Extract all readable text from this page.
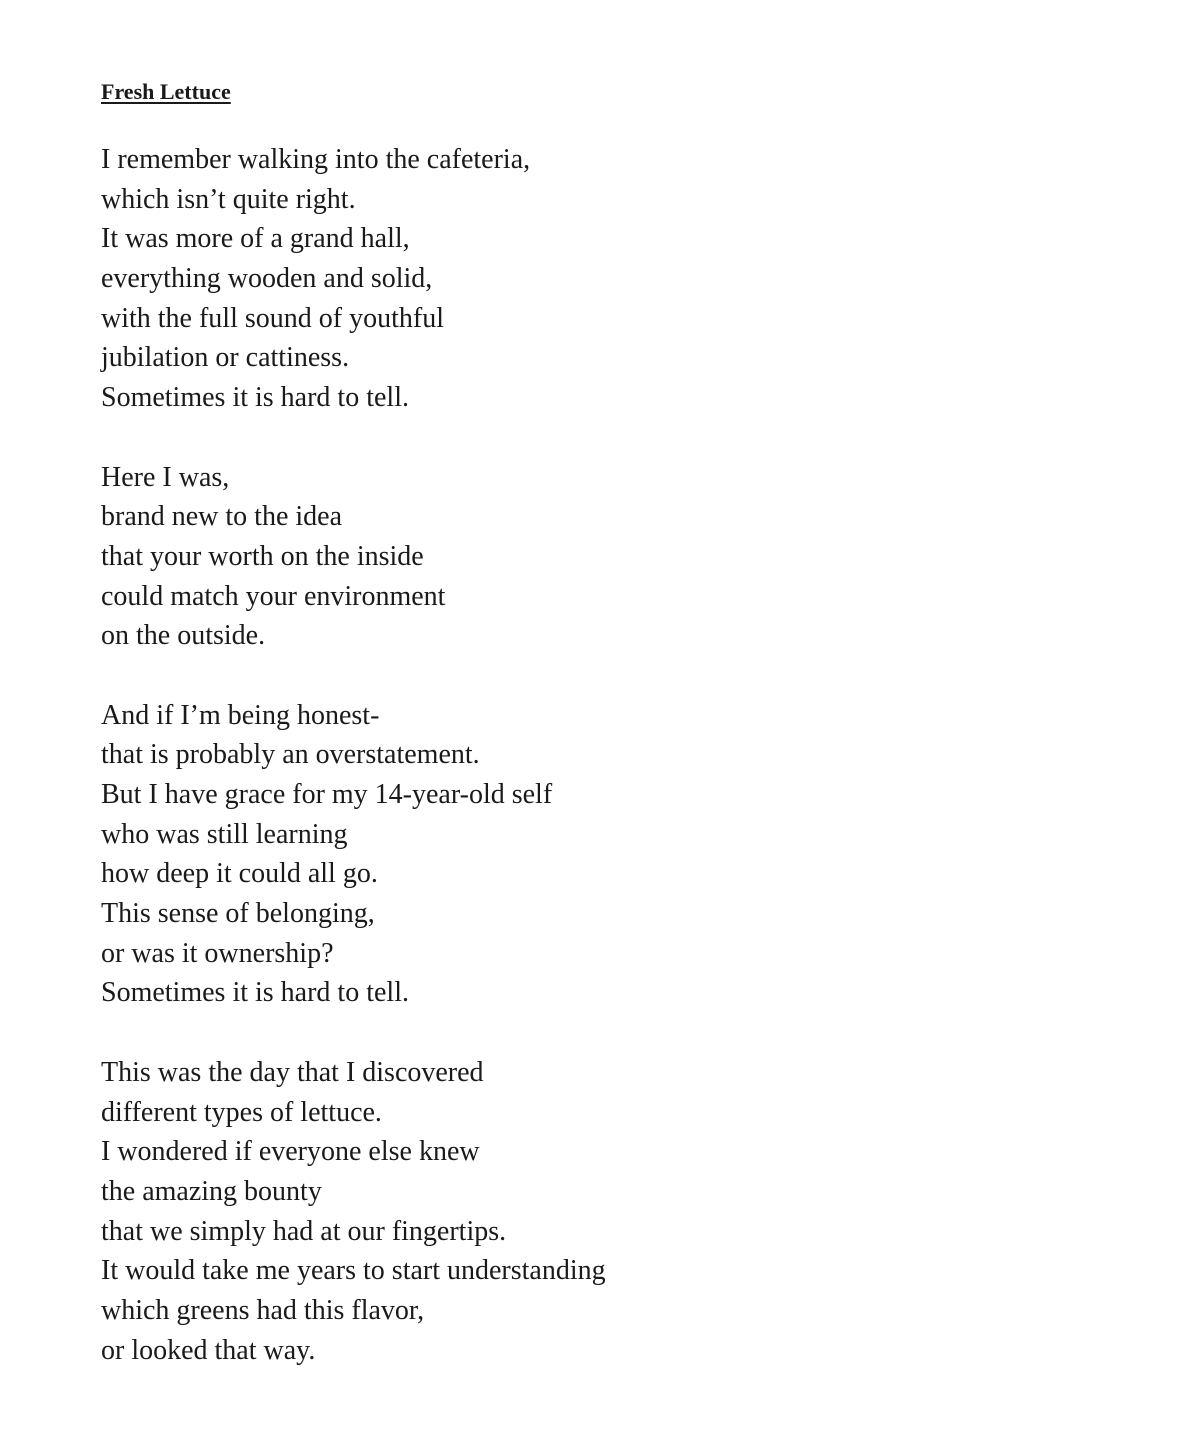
Fresh Lettuce
I remember walking into the cafeteria,
which isn’t quite right.
It was more of a grand hall,
everything wooden and solid,
with the full sound of youthful
jubilation or cattiness.
Sometimes it is hard to tell.
Here I was,
brand new to the idea
that your worth on the inside
could match your environment
on the outside.
And if I’m being honest-
that is probably an overstatement.
But I have grace for my 14-year-old self
who was still learning
how deep it could all go.
This sense of belonging,
or was it ownership?
Sometimes it is hard to tell.
This was the day that I discovered
different types of lettuce.
I wondered if everyone else knew
the amazing bounty
that we simply had at our fingertips.
It would take me years to start understanding
which greens had this flavor,
or looked that way.
